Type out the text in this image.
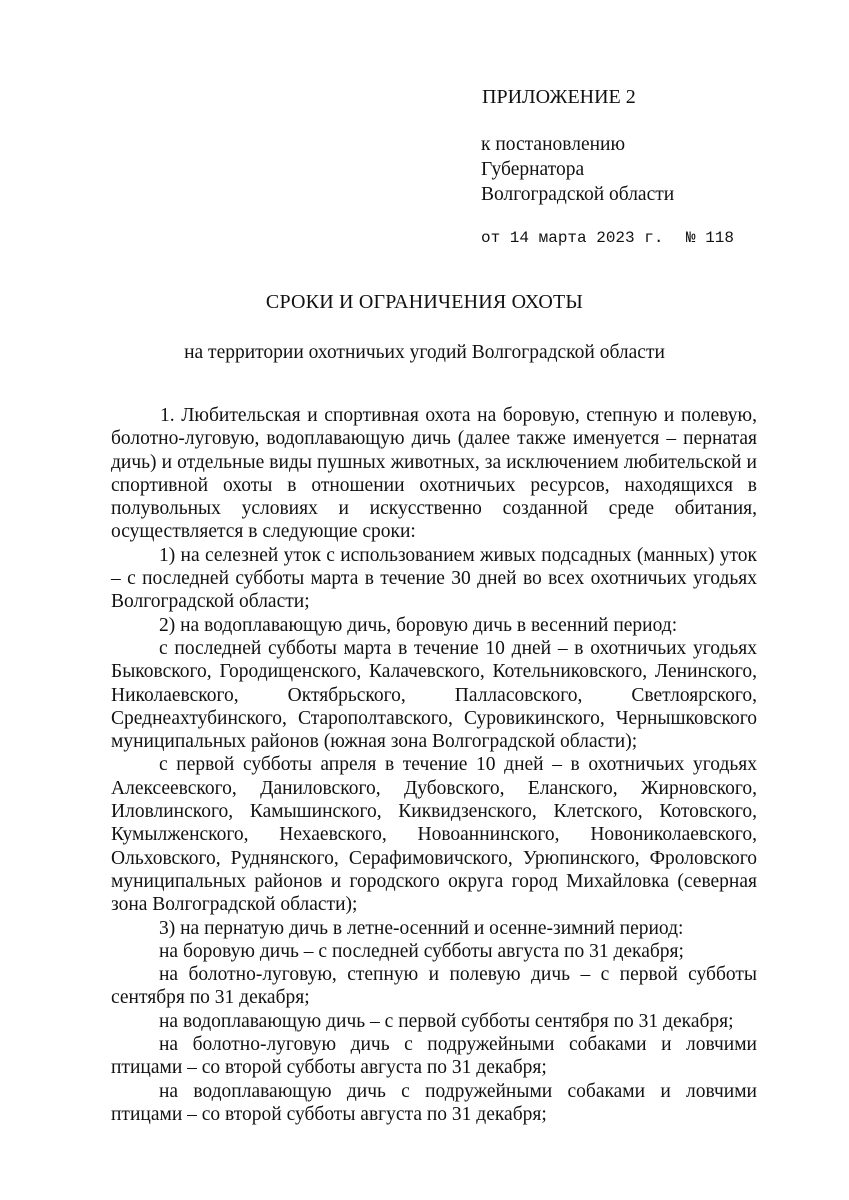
ПРИЛОЖЕНИЕ 2
к постановлению
Губернатора
Волгоградской области
от 14 марта 2023 г. № 118
СРОКИ И ОГРАНИЧЕНИЯ ОХОТЫ
на территории охотничьих угодий Волгоградской области

1. Любительская и спортивная охота на боровую, степную и полевую, болотно-луговую, водоплавающую дичь (далее также именуется – пернатая дичь) и отдельные виды пушных животных, за исключением любительской и спортивной охоты в отношении охотничьих ресурсов, находящихся в полувольных условиях и искусственно созданной среде обитания, осуществляется в следующие сроки:

1) на селезней уток с использованием живых подсадных (манных) уток – с последней субботы марта в течение 30 дней во всех охотничьих угодьях Волгоградской области;

2) на водоплавающую дичь, боровую дичь в весенний период:

с последней субботы марта в течение 10 дней – в охотничьих угодьях Быковского, Городищенского, Калачевского, Котельниковского, Ленинского, Николаевского, Октябрьского, Палласовского, Светлоярского, Среднеахтубинского, Старополтавского, Суровикинского, Чернышковского муниципальных районов (южная зона Волгоградской области);

с первой субботы апреля в течение 10 дней – в охотничьих угодьях Алексеевского, Даниловского, Дубовского, Еланского, Жирновского, Иловлинского, Камышинского, Киквидзенского, Клетского, Котовского, Кумылженского, Нехаевского, Новоаннинского, Новониколаевского, Ольховского, Руднянского, Серафимовичского, Урюпинского, Фроловского муниципальных районов и городского округа город Михайловка (северная зона Волгоградской области);

3) на пернатую дичь в летне-осенний и осенне-зимний период:

на боровую дичь – с последней субботы августа по 31 декабря;

на болотно-луговую, степную и полевую дичь – с первой субботы сентября по 31 декабря;

на водоплавающую дичь – с первой субботы сентября по 31 декабря;

на болотно-луговую дичь с подружейными собаками и ловчими птицами – со второй субботы августа по 31 декабря;

на водоплавающую дичь с подружейными собаками и ловчими птицами – со второй субботы августа по 31 декабря;
